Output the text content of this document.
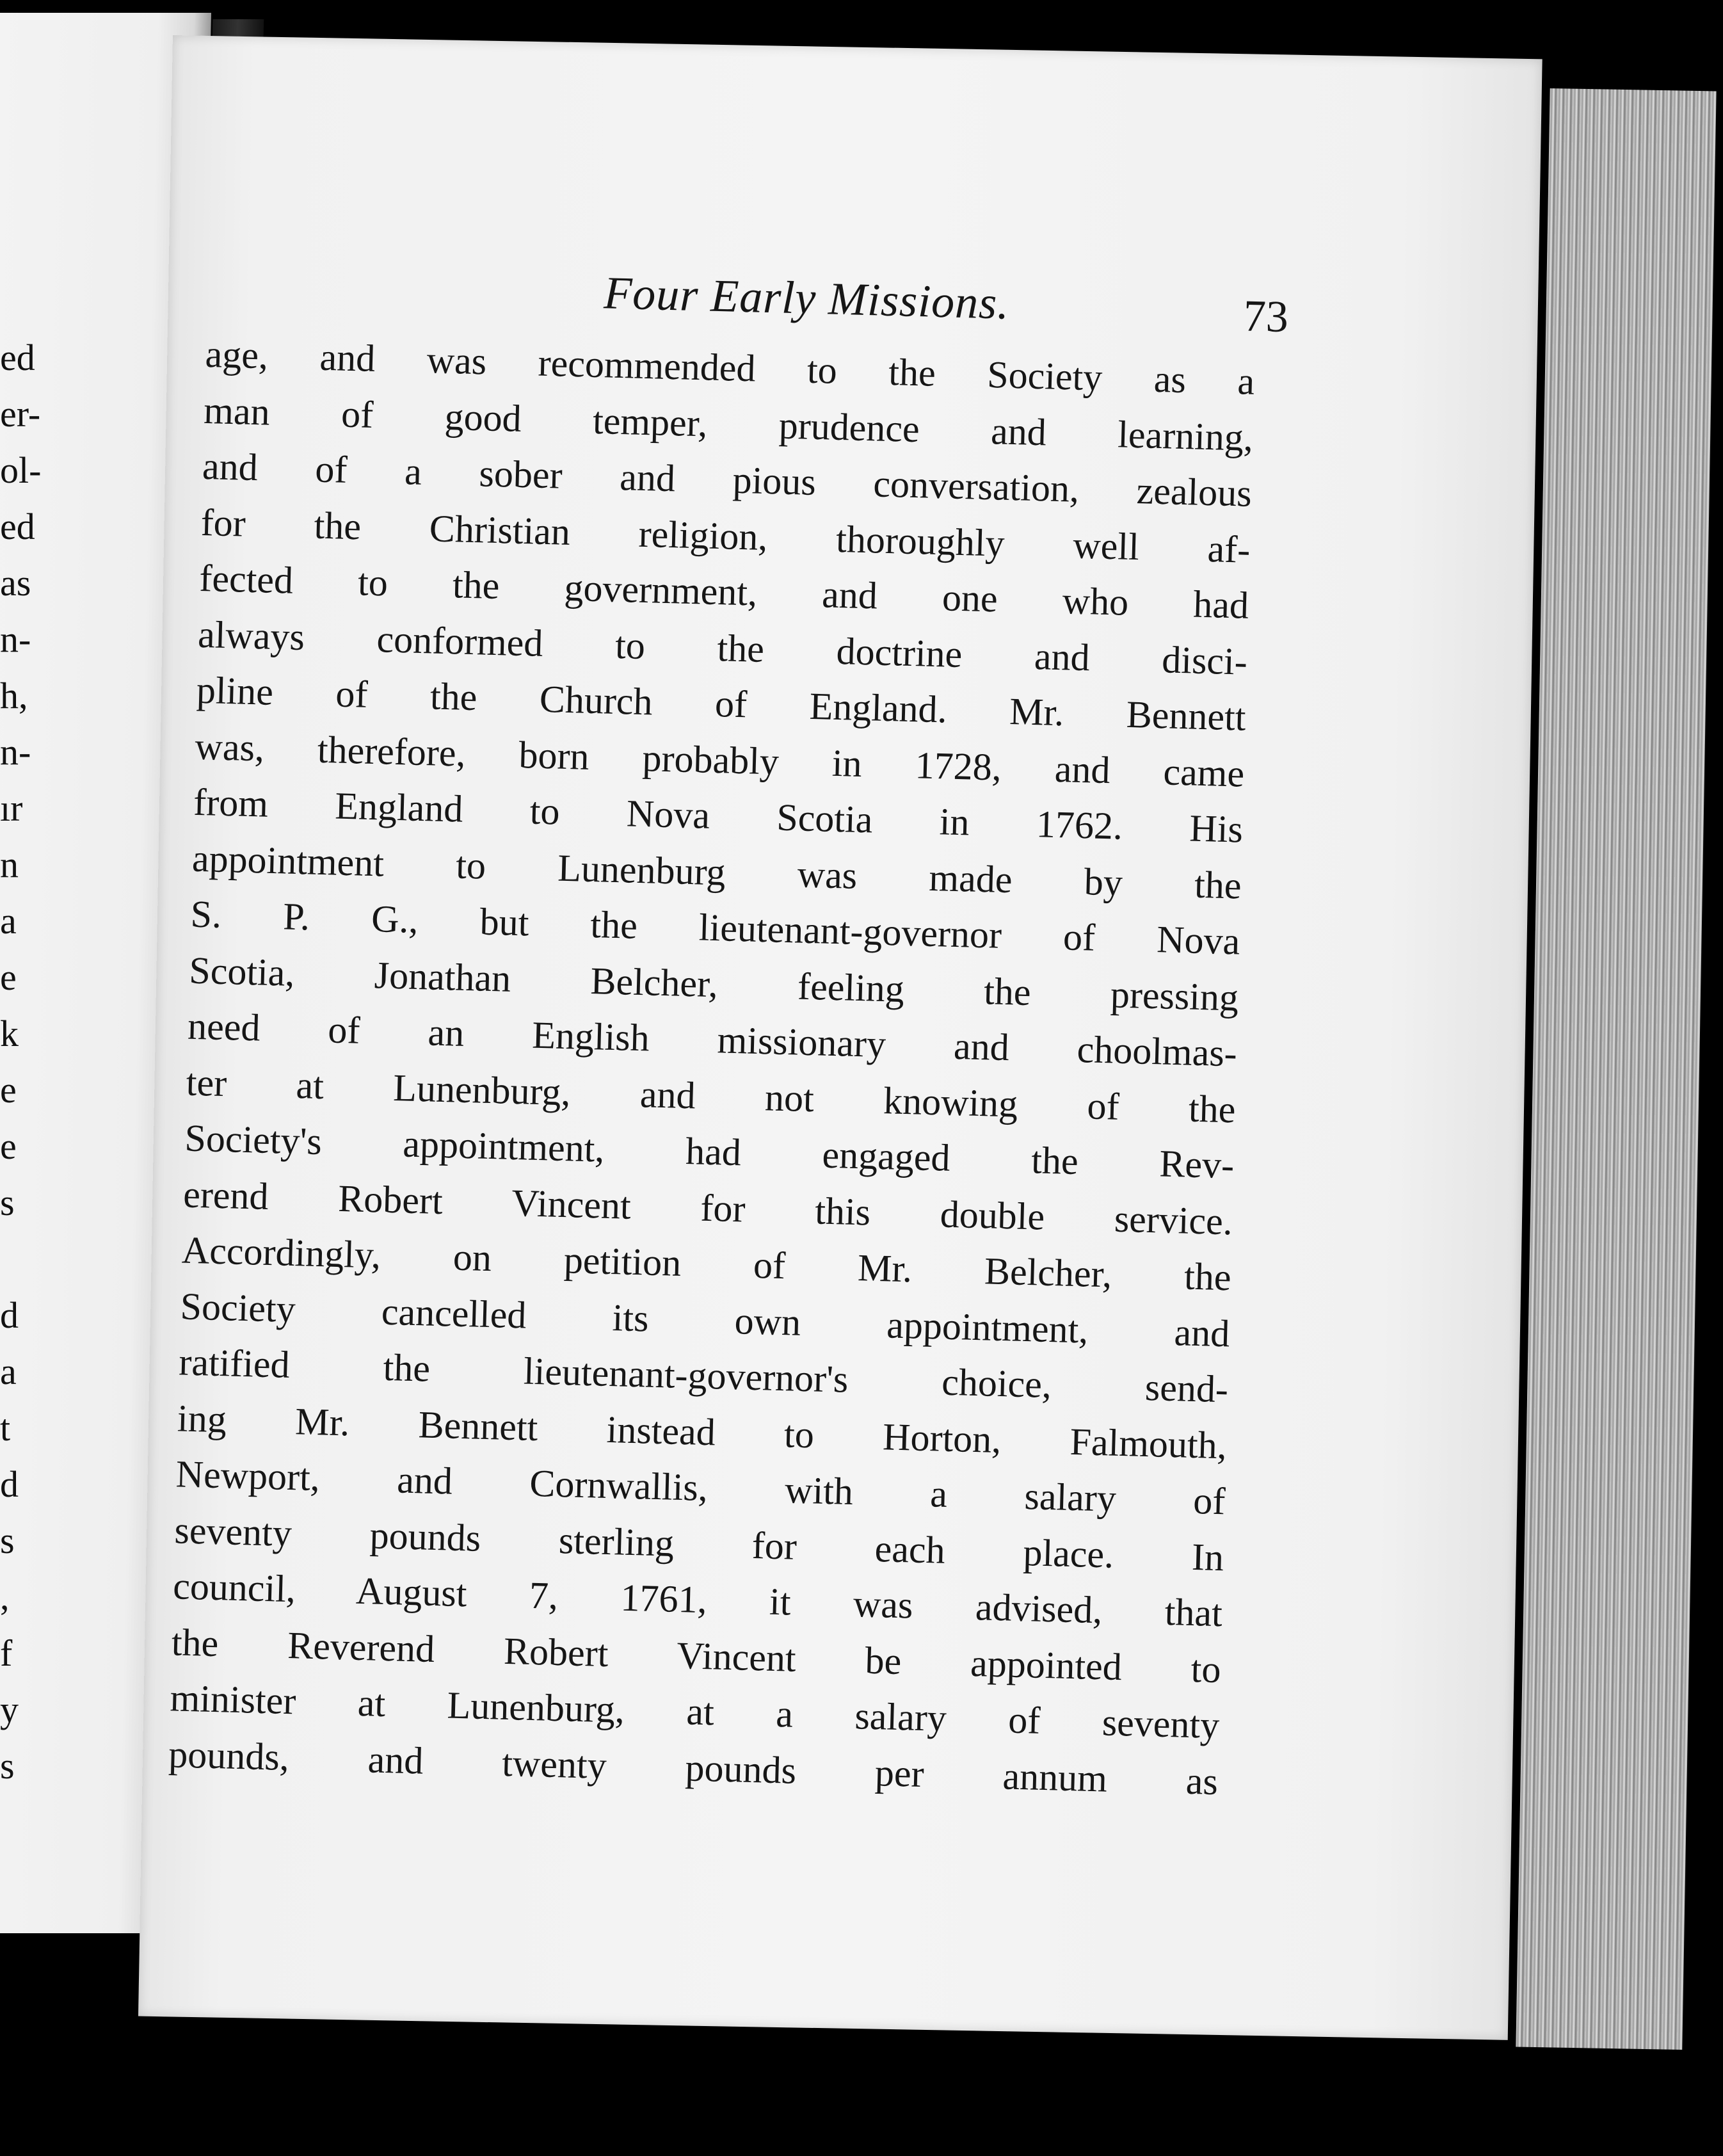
ed
er-
ol-
ed
as
n-
h,
n-
ır
n
a
e
k
e
e
s
d
a
t
d
s
,
f
y
s
Four Early Missions.	73
age, and was recommended to the Society as a
man of good temper, prudence and learning,
and of a sober and pious conversation, zealous
for the Christian religion, thoroughly well af-
fected to the government, and one who had
always conformed to the doctrine and disci-
pline of the Church of England. Mr. Bennett
was, therefore, born probably in 1728, and came
from England to Nova Scotia in 1762. His
appointment to Lunenburg was made by the
S. P. G., but the lieutenant-governor of Nova
Scotia, Jonathan Belcher, feeling the pressing
need of an English missionary and choolmas-
ter at Lunenburg, and not knowing of the
Society's appointment, had engaged the Rev-
erend Robert Vincent for this double service.
Accordingly, on petition of Mr. Belcher, the
Society cancelled its own appointment, and
ratified the lieutenant-governor's choice, send-
ing Mr. Bennett instead to Horton, Falmouth,
Newport, and Cornwallis, with a salary of
seventy pounds sterling for each place. In
council, August 7, 1761, it was advised, that
the Reverend Robert Vincent be appointed to
minister at Lunenburg, at a salary of seventy
pounds, and twenty pounds per annum as
